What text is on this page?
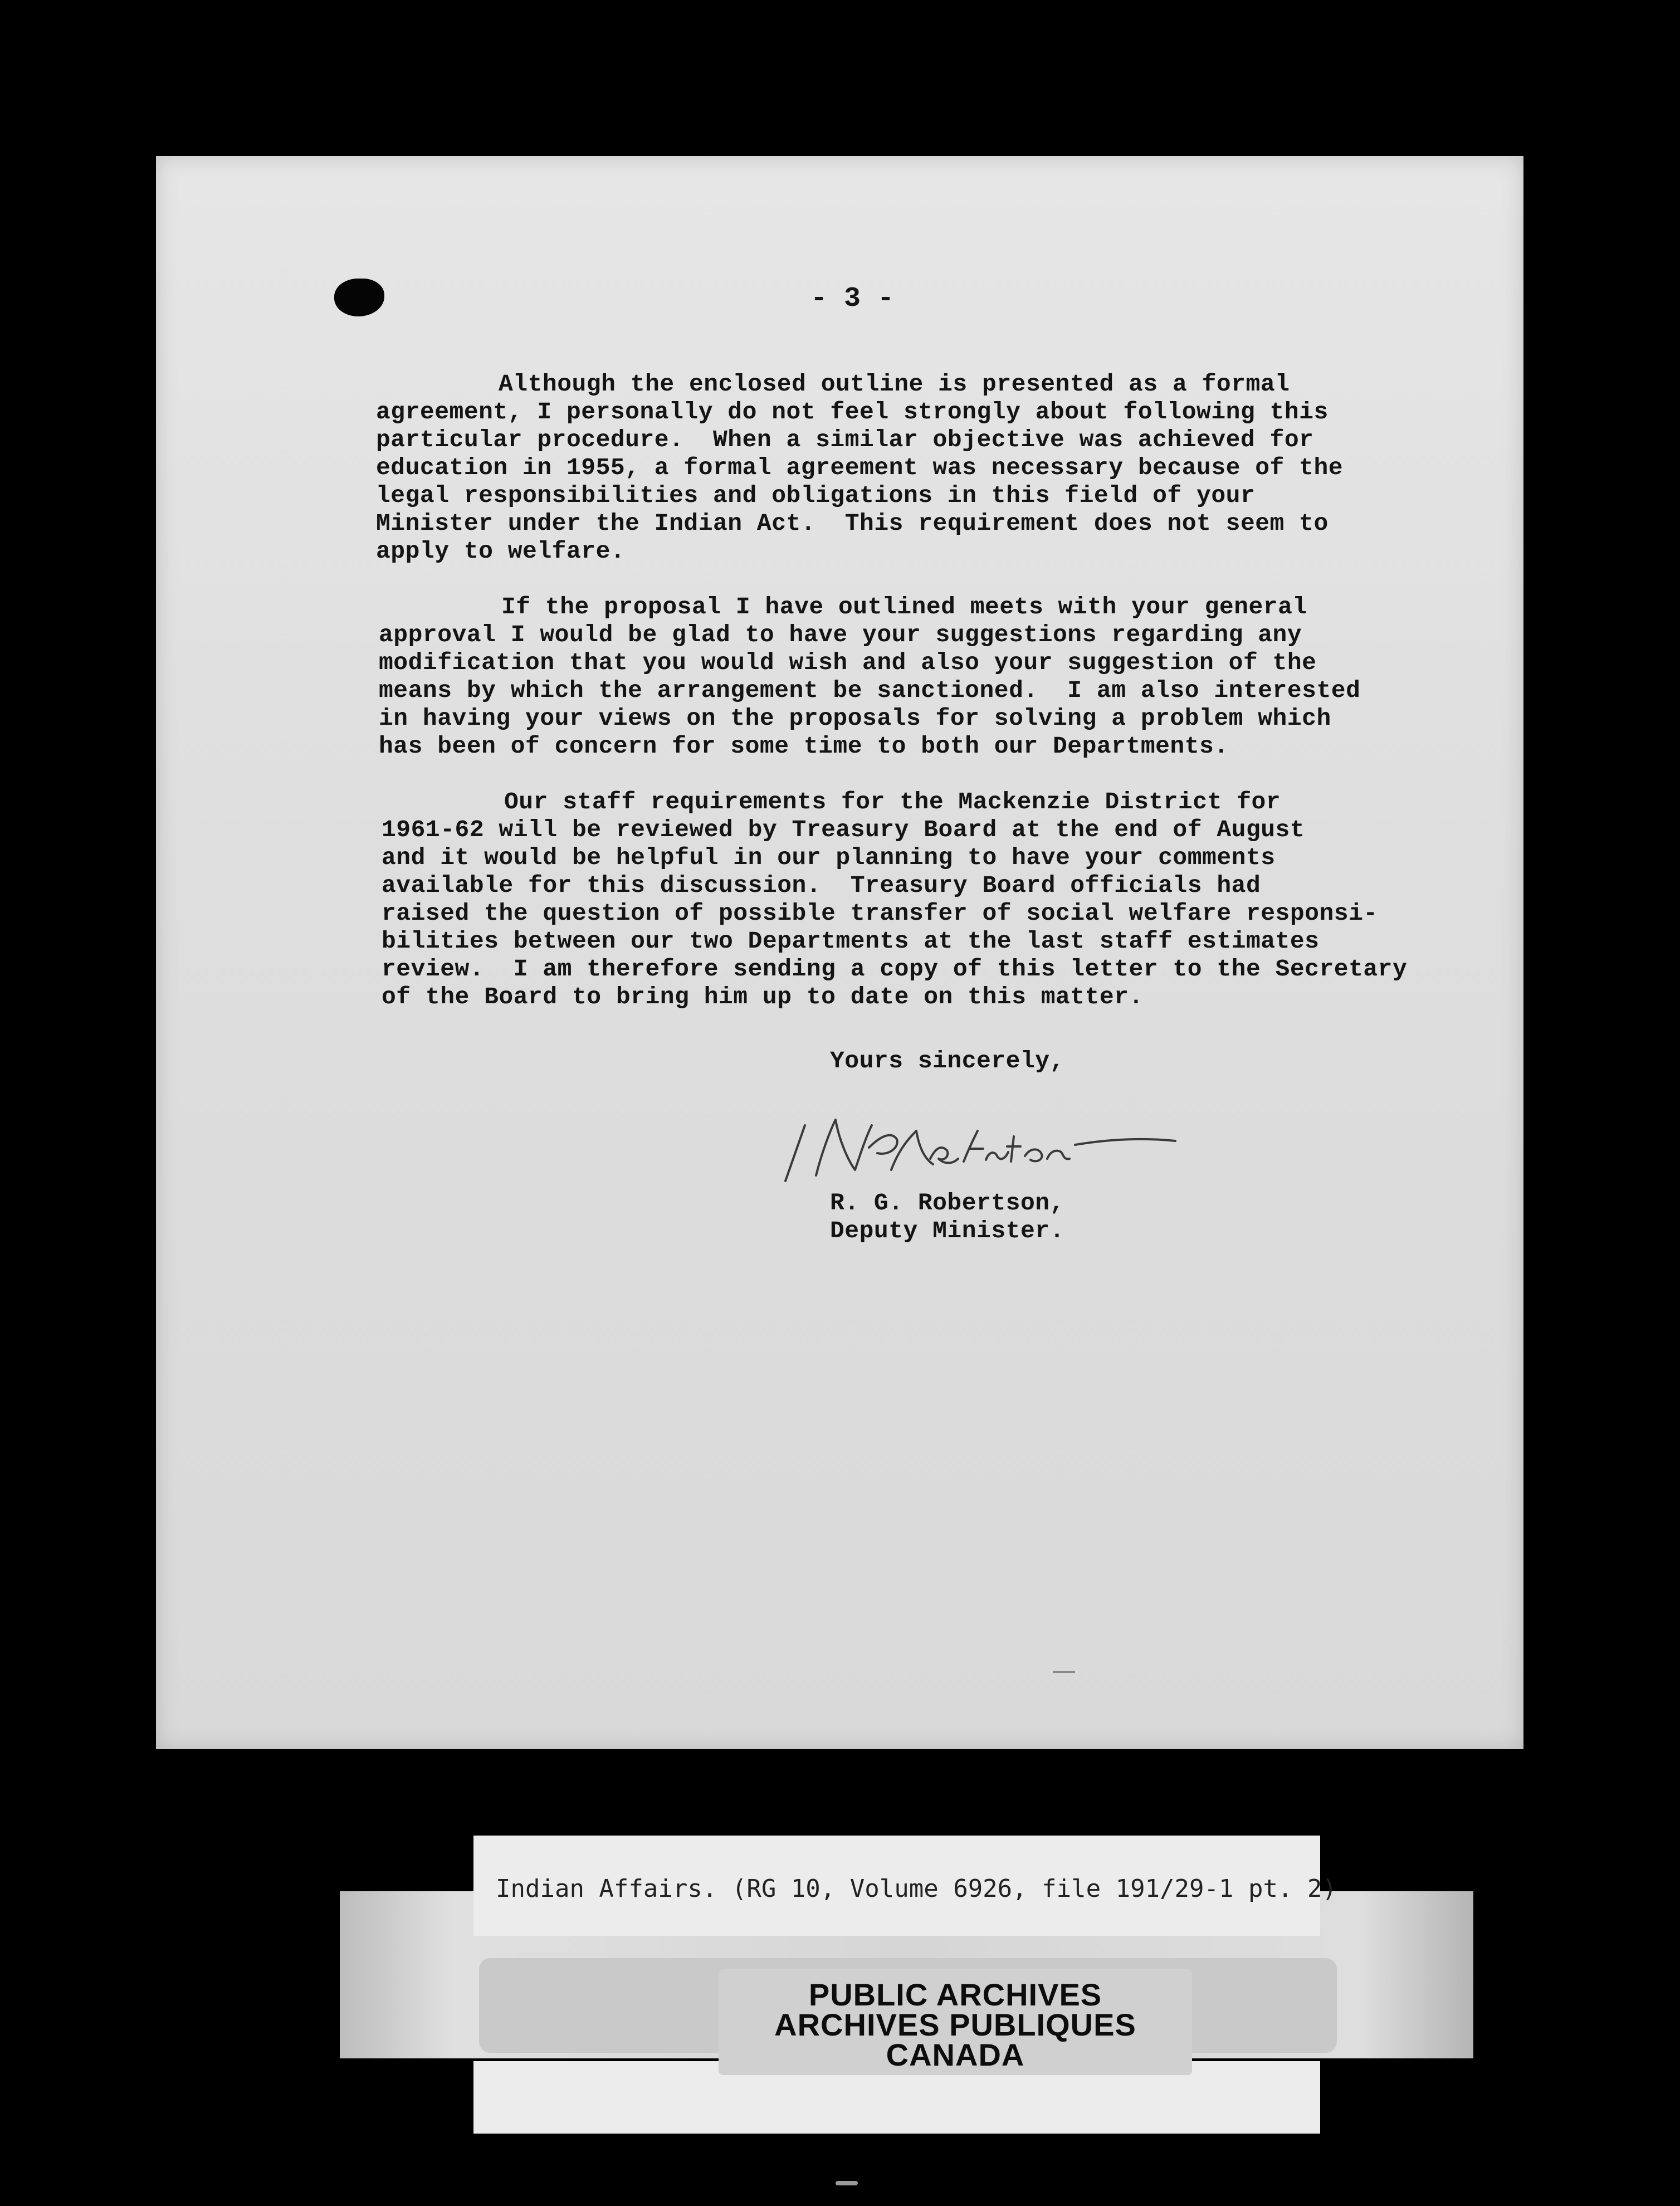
- 3 -
Although the enclosed outline is presented as a formal
agreement, I personally do not feel strongly about following this
particular procedure.  When a similar objective was achieved for
education in 1955, a formal agreement was necessary because of the
legal responsibilities and obligations in this field of your
Minister under the Indian Act.  This requirement does not seem to
apply to welfare.
If the proposal I have outlined meets with your general
approval I would be glad to have your suggestions regarding any
modification that you would wish and also your suggestion of the
means by which the arrangement be sanctioned.  I am also interested
in having your views on the proposals for solving a problem which
has been of concern for some time to both our Departments.
Our staff requirements for the Mackenzie District for
1961-62 will be reviewed by Treasury Board at the end of August
and it would be helpful in our planning to have your comments
available for this discussion.  Treasury Board officials had
raised the question of possible transfer of social welfare responsi-
bilities between our two Departments at the last staff estimates
review.  I am therefore sending a copy of this letter to the Secretary
of the Board to bring him up to date on this matter.
Yours sincerely,
R. G. Robertson,
Deputy Minister.
Indian Affairs. (RG 10, Volume 6926, file 191/29-1 pt. 2)
PUBLIC ARCHIVES
ARCHIVES PUBLIQUES
CANADA
